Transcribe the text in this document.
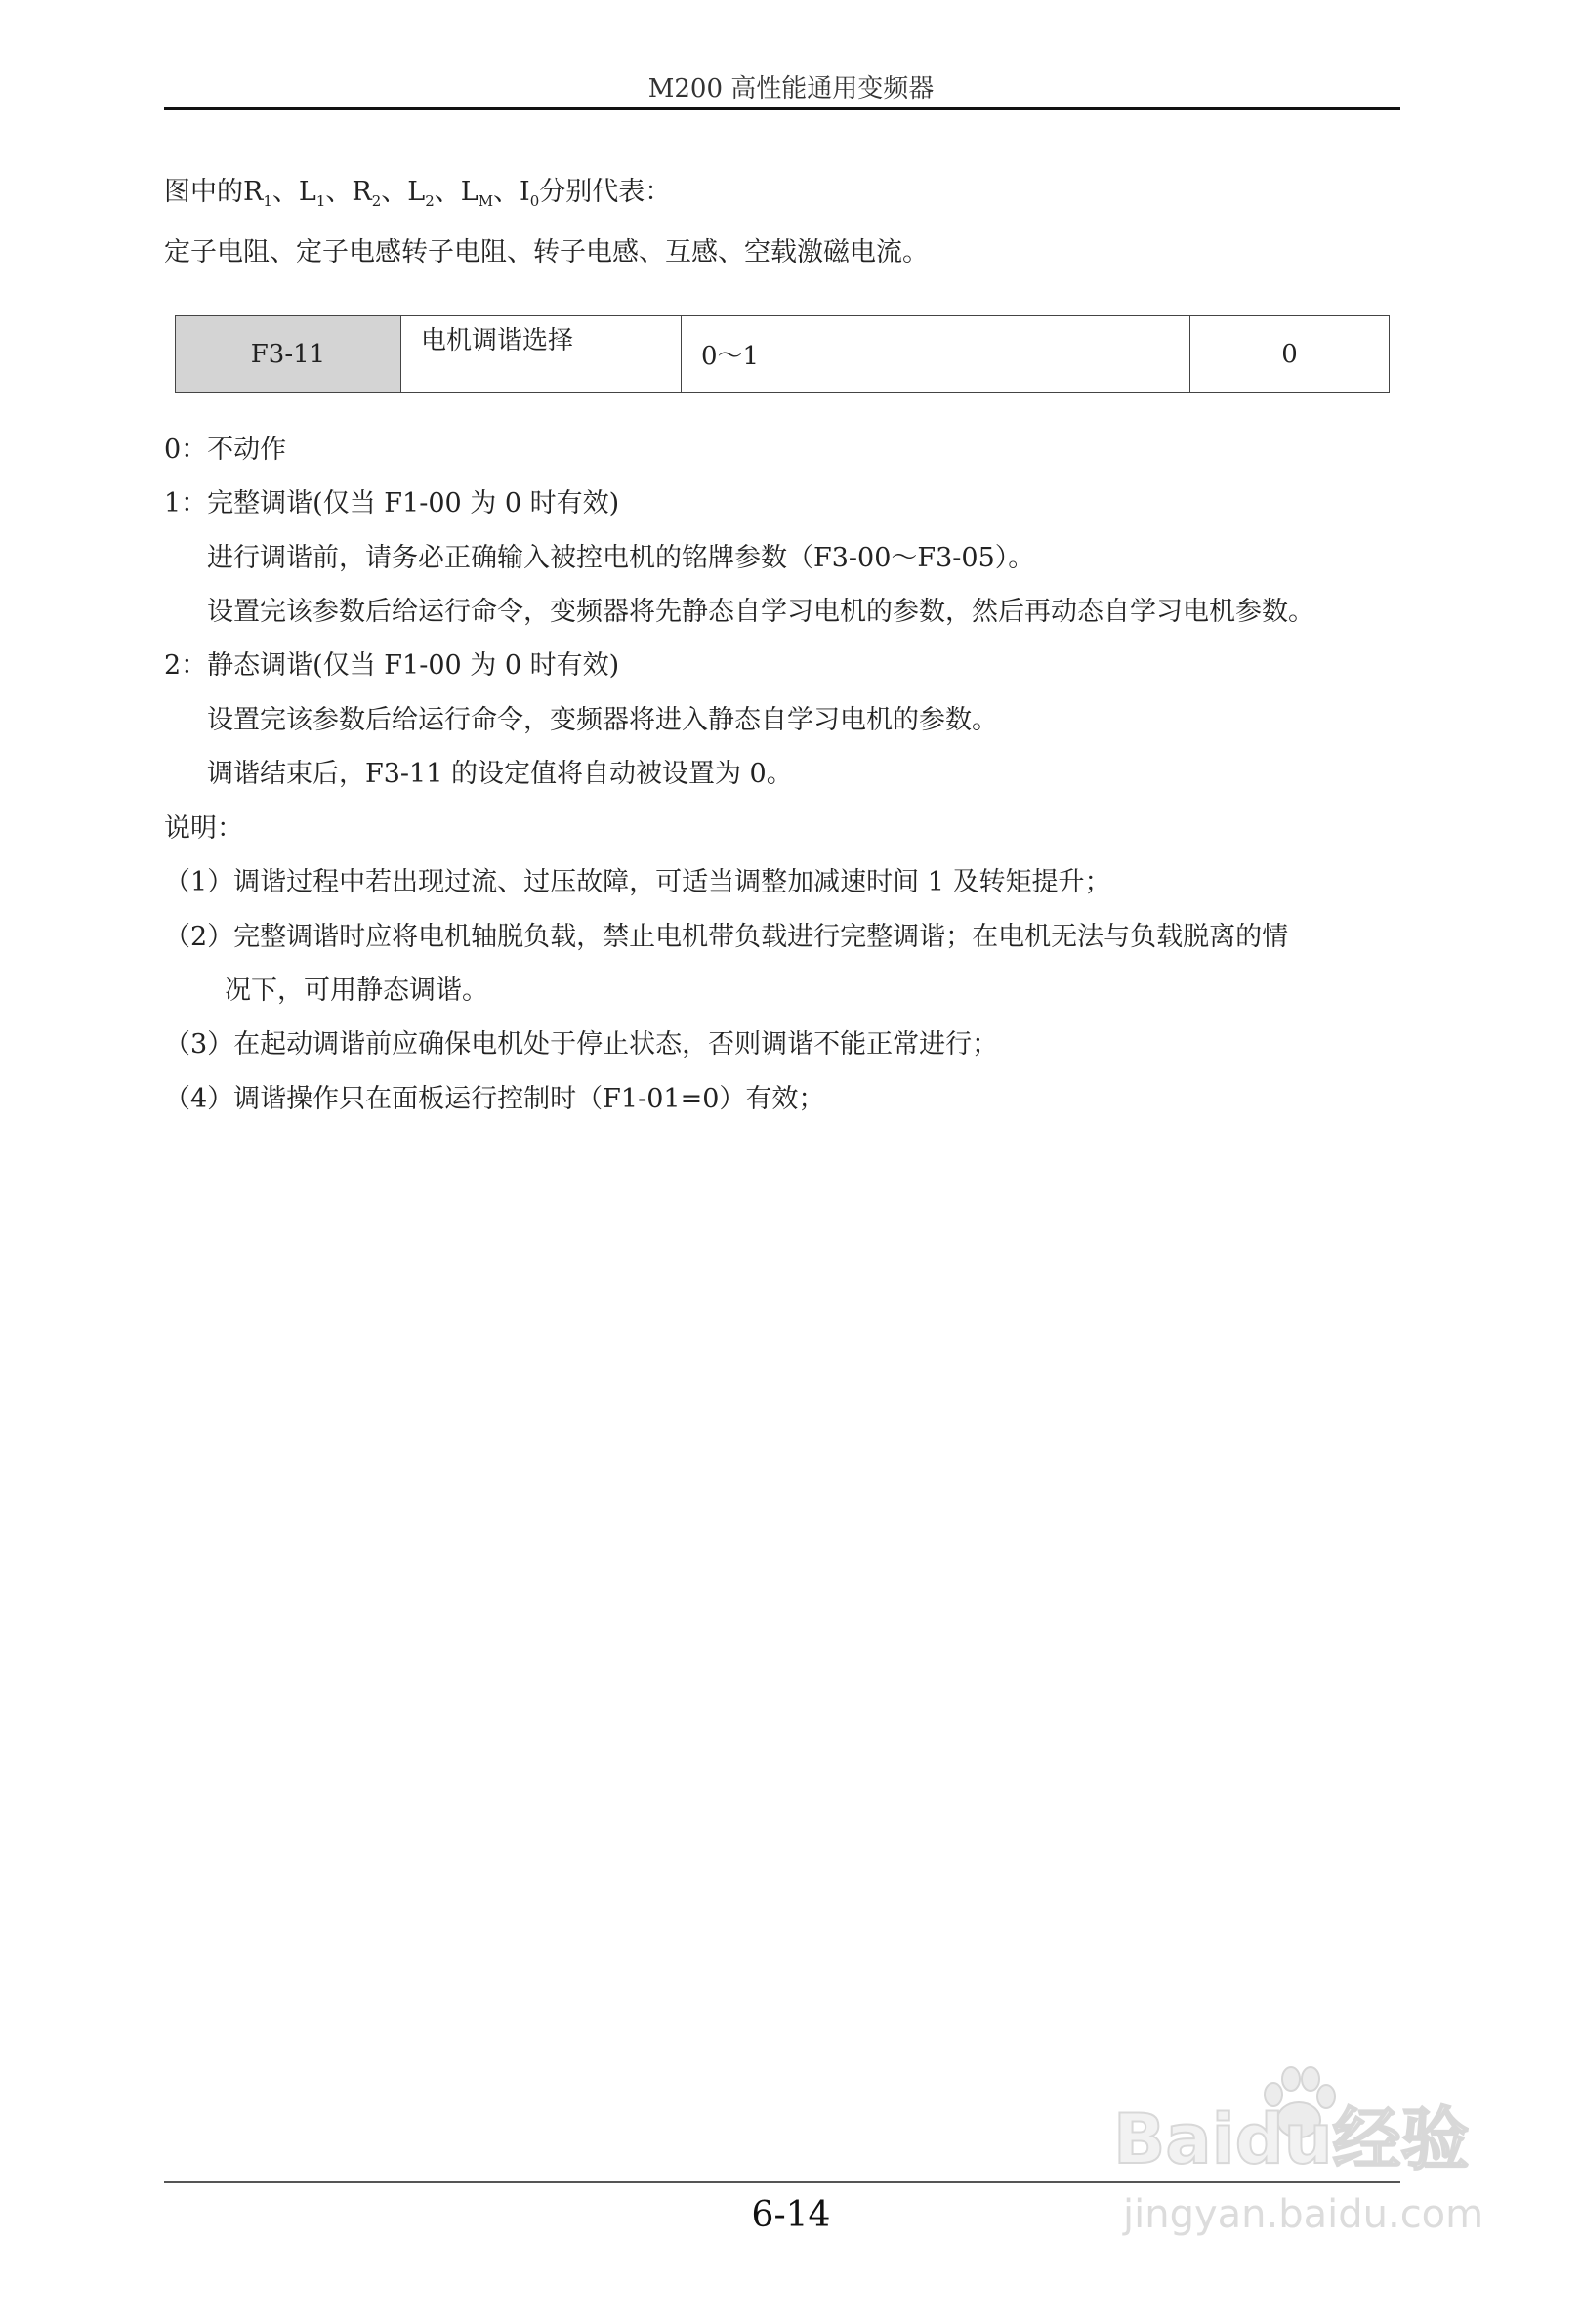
M200 高性能通用变频器
图中的$R_1$、$L_1$、$R_2$、$L_2$、$L_M$、$I_0$分别代表：
定子电阻、定子电感转子电阻、转子电感、互感、空载激磁电流。
F3-11	电机调谐选择	0～1	0
0：不动作
1：完整调谐(仅当 F1-00 为 0 时有效)
进行调谐前，请务必正确输入被控电机的铭牌参数（F3-00～F3-05）。
设置完该参数后给运行命令，变频器将先静态自学习电机的参数，然后再动态自学习电机参数。
2：静态调谐(仅当 F1-00 为 0 时有效)
设置完该参数后给运行命令，变频器将进入静态自学习电机的参数。
调谐结束后，F3-11 的设定值将自动被设置为 0。
说明：
（1）调谐过程中若出现过流、过压故障，可适当调整加减速时间 1 及转矩提升；
（2）完整调谐时应将电机轴脱负载，禁止电机带负载进行完整调谐；在电机无法与负载脱离的情
况下，可用静态调谐。
（3）在起动调谐前应确保电机处于停止状态，否则调谐不能正常进行；
（4）调谐操作只在面板运行控制时（F1-01=0）有效；
Baidu经验
jingyan.baidu.com
6-14
